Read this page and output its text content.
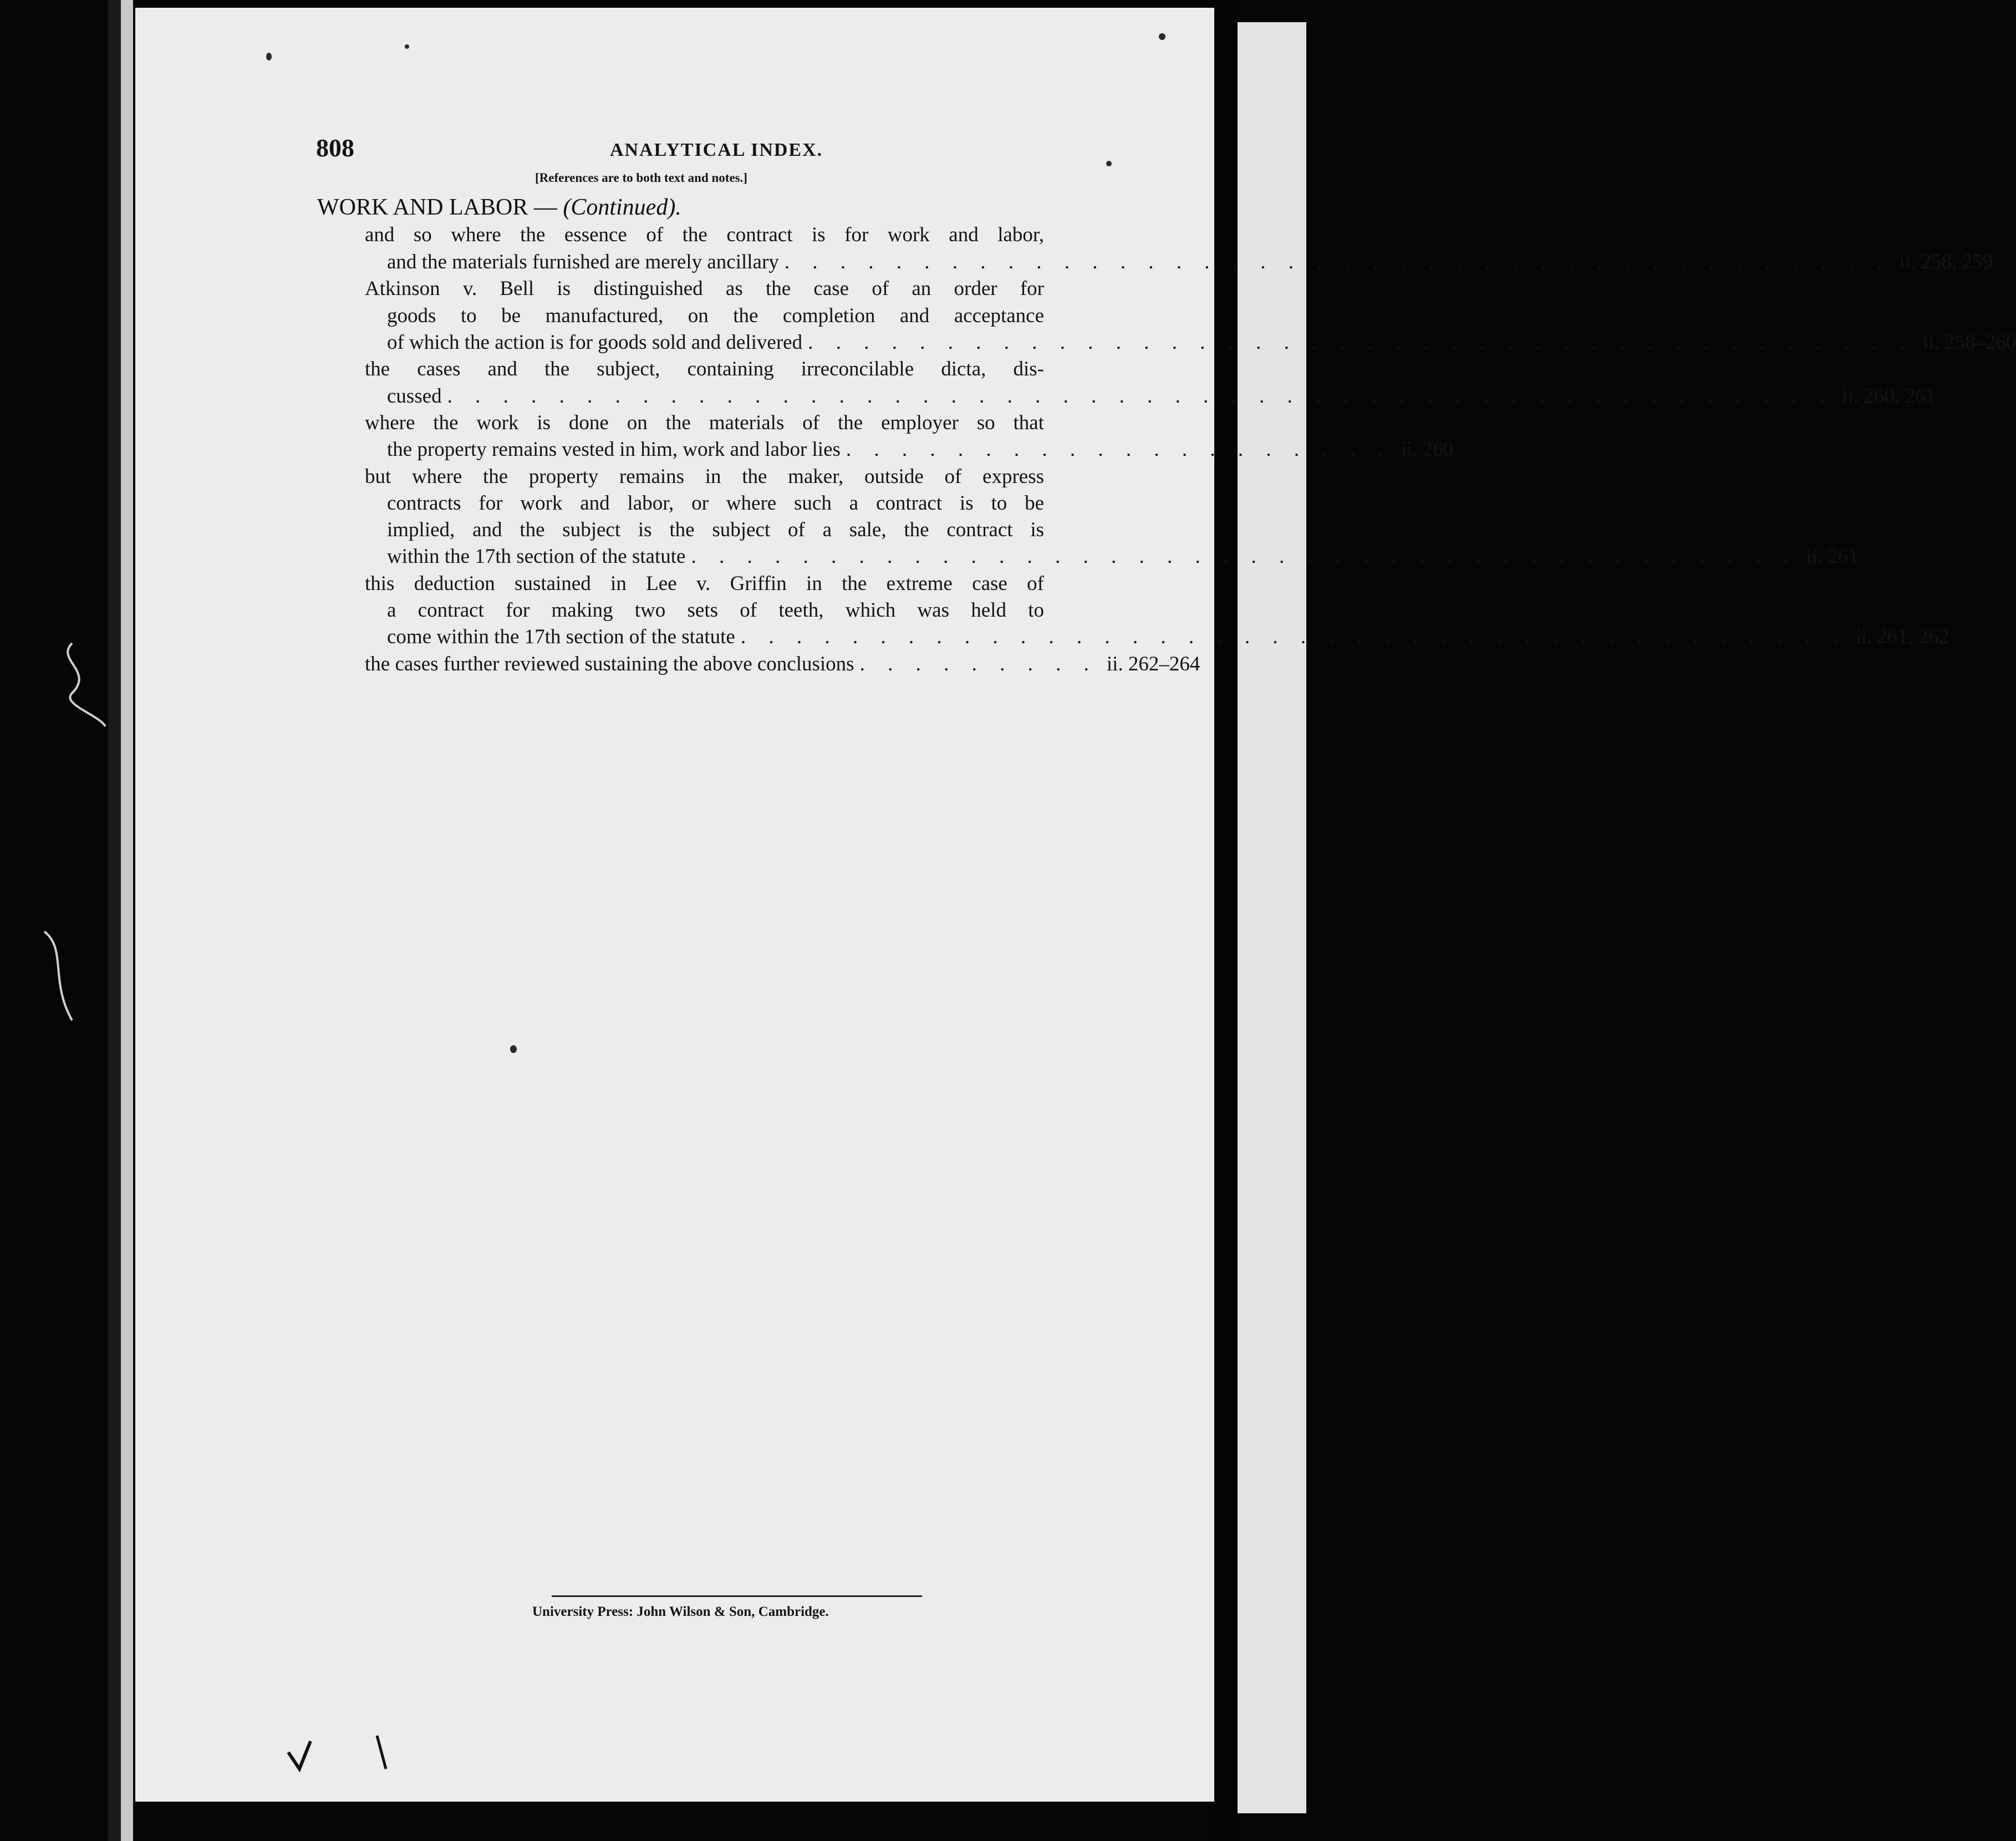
808	ANALYTICAL INDEX.
[References are to both text and notes.]
WORK AND LABOR — (Continued).
and so where the essence of the contract is for work and labor,
and the materials furnished are merely ancillary . . . . . . . . . . . . . . . . . . . . . . . . . . . . . . . . . . . . . . . . ii. 258, 259
Atkinson v. Bell is distinguished as the case of an order for
goods to be manufactured, on the completion and acceptance
of which the action is for goods sold and delivered . . . . . . . . . . . . . . . . . . . . . . . . . . . . . . . . . . . . . . . . ii. 258–260
the cases and the subject, containing irreconcilable dicta, dis-
cussed . . . . . . . . . . . . . . . . . . . . . . . . . . . . . . . . . . . . . . . . . . . . . . . . . . ii. 260, 261
where the work is done on the materials of the employer so that
the property remains vested in him, work and labor lies . . . . . . . . . . . . . . . . . . . . ii. 260
but where the property remains in the maker, outside of express
contracts for work and labor, or where such a contract is to be
implied, and the subject is the subject of a sale, the contract is
within the 17th section of the statute . . . . . . . . . . . . . . . . . . . . . . . . . . . . . . . . . . . . . . . . ii. 261
this deduction sustained in Lee v. Griffin in the extreme case of
a contract for making two sets of teeth, which was held to
come within the 17th section of the statute . . . . . . . . . . . . . . . . . . . . . . . . . . . . . . . . . . . . . . . . ii. 261, 262
the cases further reviewed sustaining the above conclusions . . . . . . . . . ii. 262–264
University Press: John Wilson & Son, Cambridge.
